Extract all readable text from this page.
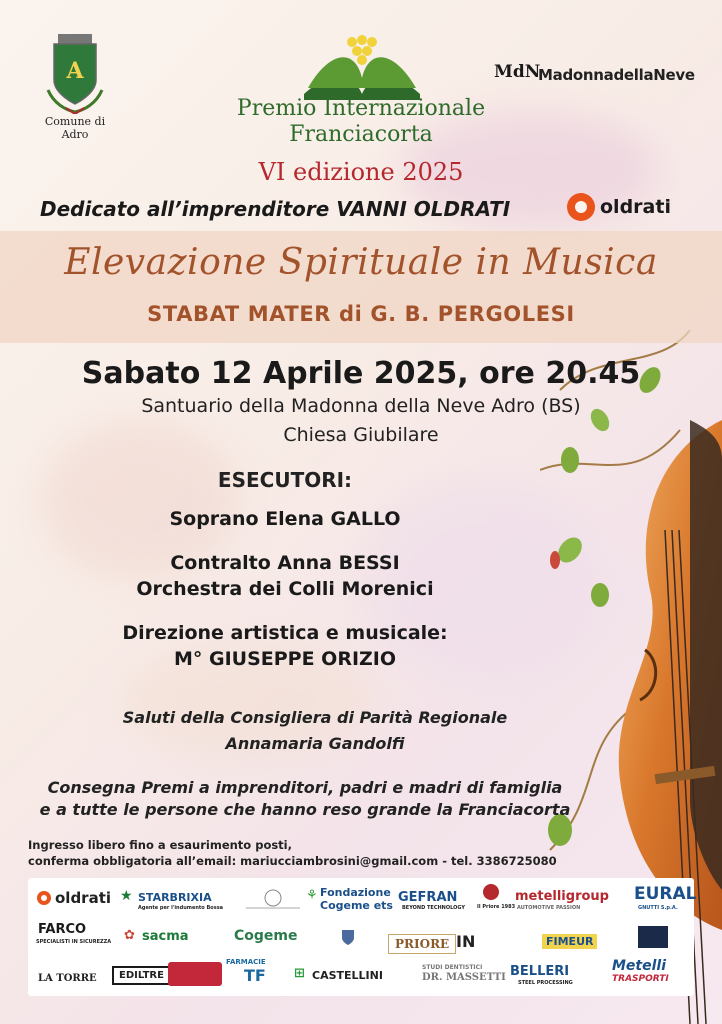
A
Comune di
Adro
Premio Internazionale
Franciacorta
VI edizione 2025
MdN
MadonnadellaNeve
Dedicato all’imprenditore VANNI OLDRATI	oldrati
Elevazione Spirituale in Musica
STABAT MATER di G. B. PERGOLESI
Sabato 12 Aprile 2025, ore 20.45
Santuario della Madonna della Neve Adro (BS)
Chiesa Giubilare
ESECUTORI:
Soprano Elena GALLO
Contralto Anna BESSI
Orchestra dei Colli Morenici
Direzione artistica e musicale:
M° GIUSEPPE ORIZIO
Saluti della Consigliera di Parità Regionale
Annamaria Gandolfi
Consegna Premi a imprenditori, padri e madri di famiglia
e a tutte le persone che hanno reso grande la Franciacorta
Ingresso libero fino a esaurimento posti,
conferma obbligatoria all’email: mariucciambrosini@gmail.com - tel. 3386725080
oldrati ★ STARBRIXIA
Agente per l'indumento Bossa
⚘ Fondazione
Cogeme ets
GEFRAN
BEYOND TECHNOLOGY Il Priore 1983
metelligroup
AUTOMOTIVE PASSION
EURAL
GNUTTI S.p.A.
FARCO
SPECIALISTI IN SICUREZZA ✿ sacma	Cogeme	PRIORE IN	FIMEUR
LA TORRE	EDILTRE
FARMACIE
TF ⊞ CASTELLINI
STUDI DENTISTICI
DR. MASSETTI BELLERI
STEEL PROCESSING
Metelli
TRASPORTI
